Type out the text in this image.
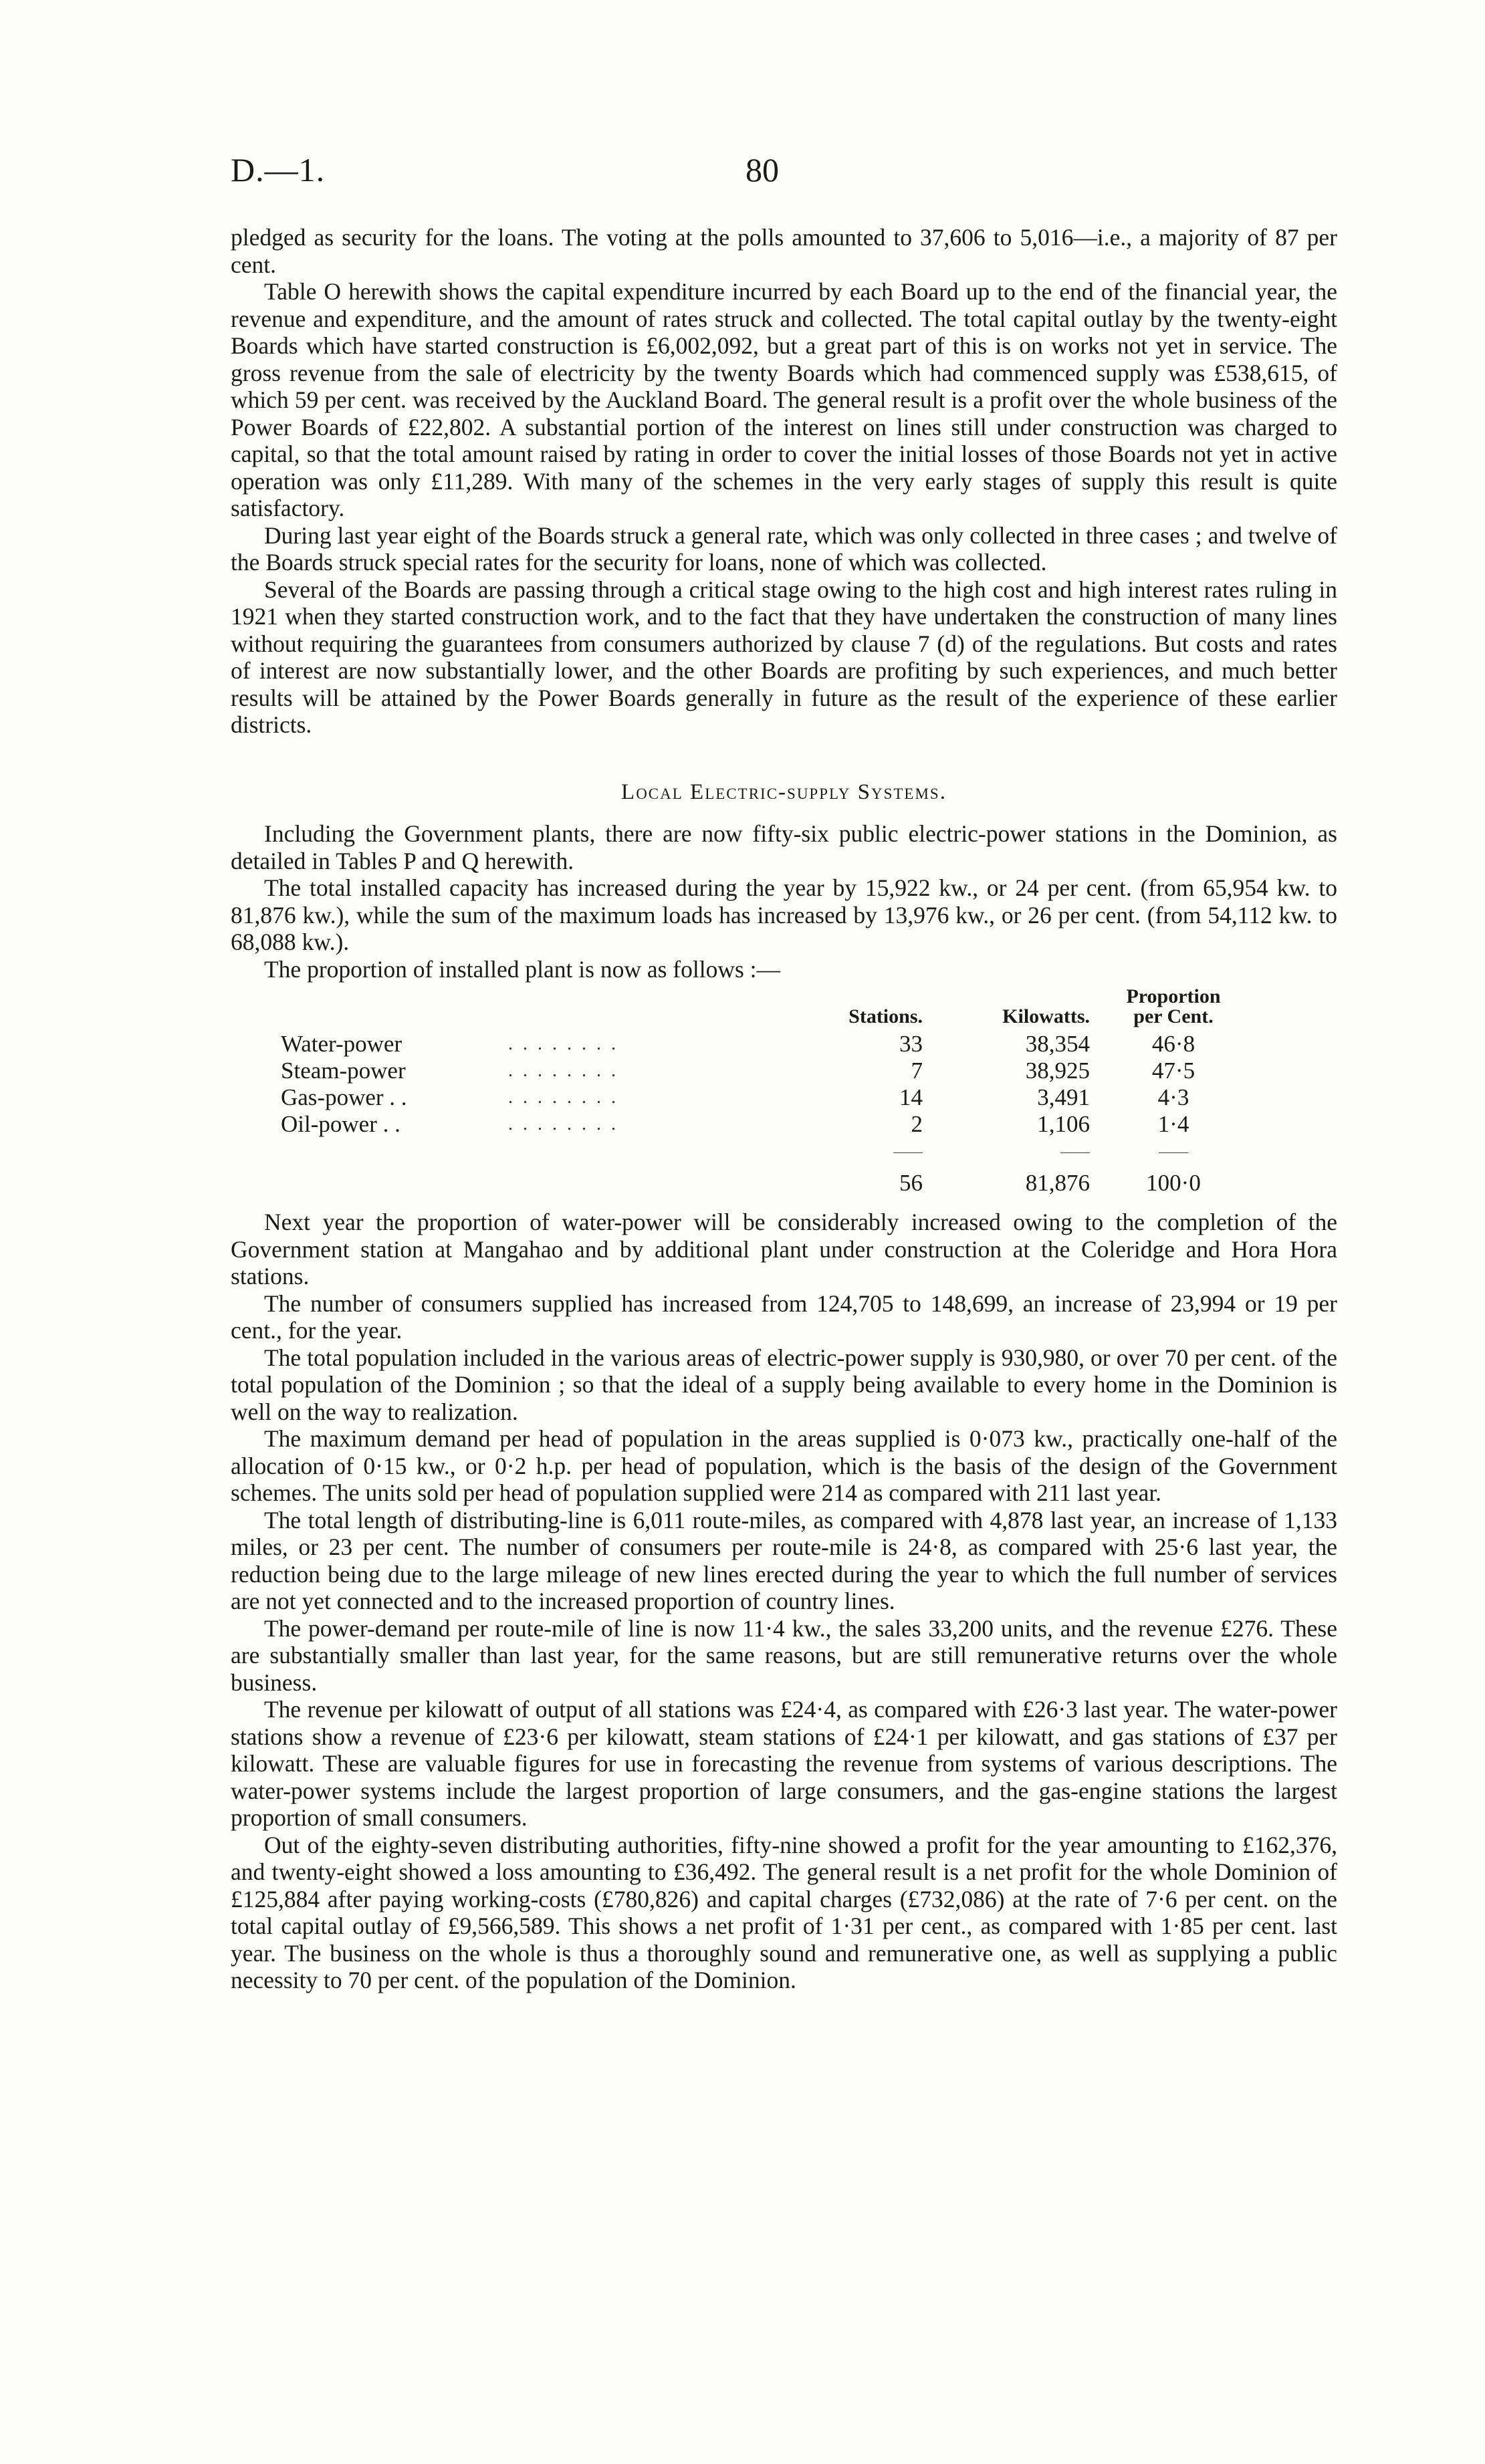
D.—1.	80

pledged as security for the loans. The voting at the polls amounted to 37,606 to 5,016—i.e., a majority of 87 per cent.

Table O herewith shows the capital expenditure incurred by each Board up to the end of the financial year, the revenue and expenditure, and the amount of rates struck and collected. The total capital outlay by the twenty-eight Boards which have started construction is £6,002,092, but a great part of this is on works not yet in service. The gross revenue from the sale of electricity by the twenty Boards which had commenced supply was £538,615, of which 59 per cent. was received by the Auckland Board. The general result is a profit over the whole business of the Power Boards of £22,802. A substantial portion of the interest on lines still under construction was charged to capital, so that the total amount raised by rating in order to cover the initial losses of those Boards not yet in active operation was only £11,289. With many of the schemes in the very early stages of supply this result is quite satisfactory.

During last year eight of the Boards struck a general rate, which was only collected in three cases ; and twelve of the Boards struck special rates for the security for loans, none of which was collected.

Several of the Boards are passing through a critical stage owing to the high cost and high interest rates ruling in 1921 when they started construction work, and to the fact that they have undertaken the construction of many lines without requiring the guarantees from consumers authorized by clause 7 (d) of the regulations. But costs and rates of interest are now substantially lower, and the other Boards are profiting by such experiences, and much better results will be attained by the Power Boards generally in future as the result of the experience of these earlier districts.

Local Electric-supply Systems.

Including the Government plants, there are now fifty-six public electric-power stations in the Dominion, as detailed in Tables P and Q herewith.

The total installed capacity has increased during the year by 15,922 kw., or 24 per cent. (from 65,954 kw. to 81,876 kw.), while the sum of the maximum loads has increased by 13,976 kw., or 26 per cent. (from 54,112 kw. to 68,088 kw.).

The proportion of installed plant is now as follows :—

		Stations.	Kilowatts.	Proportion
per Cent.
Water-power	. . . . . . . .	33	38,354	46·8
Steam-power	. . . . . . . .	7	38,925	47·5
Gas-power . .	. . . . . . . .	14	3,491	4·3
Oil-power . .	. . . . . . . .	2	1,106	1·4

		56	81,876	100·0

Next year the proportion of water-power will be considerably increased owing to the completion of the Government station at Mangahao and by additional plant under construction at the Coleridge and Hora Hora stations.

The number of consumers supplied has increased from 124,705 to 148,699, an increase of 23,994 or 19 per cent., for the year.

The total population included in the various areas of electric-power supply is 930,980, or over 70 per cent. of the total population of the Dominion ; so that the ideal of a supply being available to every home in the Dominion is well on the way to realization.

The maximum demand per head of population in the areas supplied is 0·073 kw., practically one-half of the allocation of 0·15 kw., or 0·2 h.p. per head of population, which is the basis of the design of the Government schemes. The units sold per head of population supplied were 214 as compared with 211 last year.

The total length of distributing-line is 6,011 route-miles, as compared with 4,878 last year, an increase of 1,133 miles, or 23 per cent. The number of consumers per route-mile is 24·8, as compared with 25·6 last year, the reduction being due to the large mileage of new lines erected during the year to which the full number of services are not yet connected and to the increased proportion of country lines.

The power-demand per route-mile of line is now 11·4 kw., the sales 33,200 units, and the revenue £276. These are substantially smaller than last year, for the same reasons, but are still remunerative returns over the whole business.

The revenue per kilowatt of output of all stations was £24·4, as compared with £26·3 last year. The water-power stations show a revenue of £23·6 per kilowatt, steam stations of £24·1 per kilowatt, and gas stations of £37 per kilowatt. These are valuable figures for use in forecasting the revenue from systems of various descriptions. The water-power systems include the largest proportion of large consumers, and the gas-engine stations the largest proportion of small consumers.

Out of the eighty-seven distributing authorities, fifty-nine showed a profit for the year amounting to £162,376, and twenty-eight showed a loss amounting to £36,492. The general result is a net profit for the whole Dominion of £125,884 after paying working-costs (£780,826) and capital charges (£732,086) at the rate of 7·6 per cent. on the total capital outlay of £9,566,589. This shows a net profit of 1·31 per cent., as compared with 1·85 per cent. last year. The business on the whole is thus a thoroughly sound and remunerative one, as well as supplying a public necessity to 70 per cent. of the population of the Dominion.
